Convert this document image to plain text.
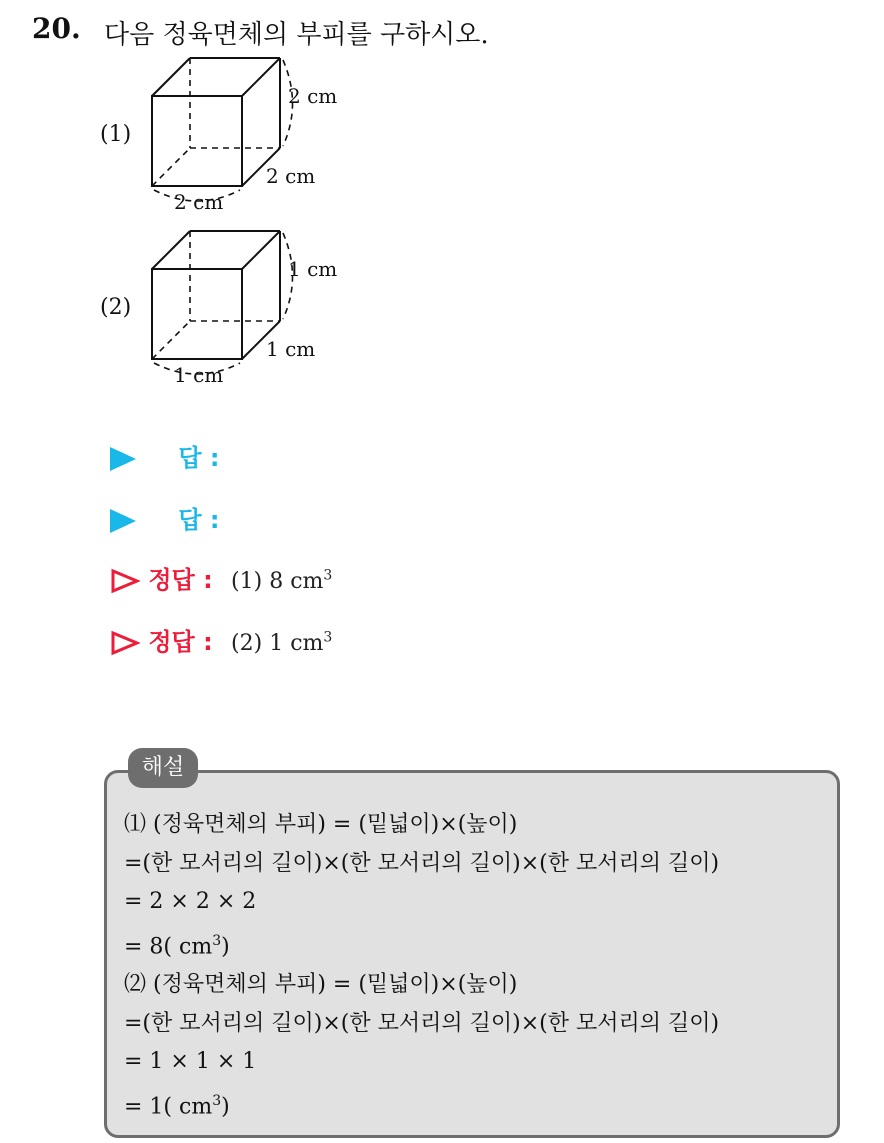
20. 다음 정육면체의 부피를 구하시오.
(1)
2 cm
2 cm
2 cm
(2)
1 cm
1 cm
1 cm
답 :
답 :
정답 : (1) 8 $cm^3$
정답 : (2) 1 $cm^3$
해설
⑴ (정육면체의 부피) = (밑넓이)×(높이)
=(한 모서리의 길이)×(한 모서리의 길이)×(한 모서리의 길이)
= 2 × 2 × 2
= 8( $cm^3$)
⑵ (정육면체의 부피) = (밑넓이)×(높이)
=(한 모서리의 길이)×(한 모서리의 길이)×(한 모서리의 길이)
= 1 × 1 × 1
= 1( $cm^3$)
